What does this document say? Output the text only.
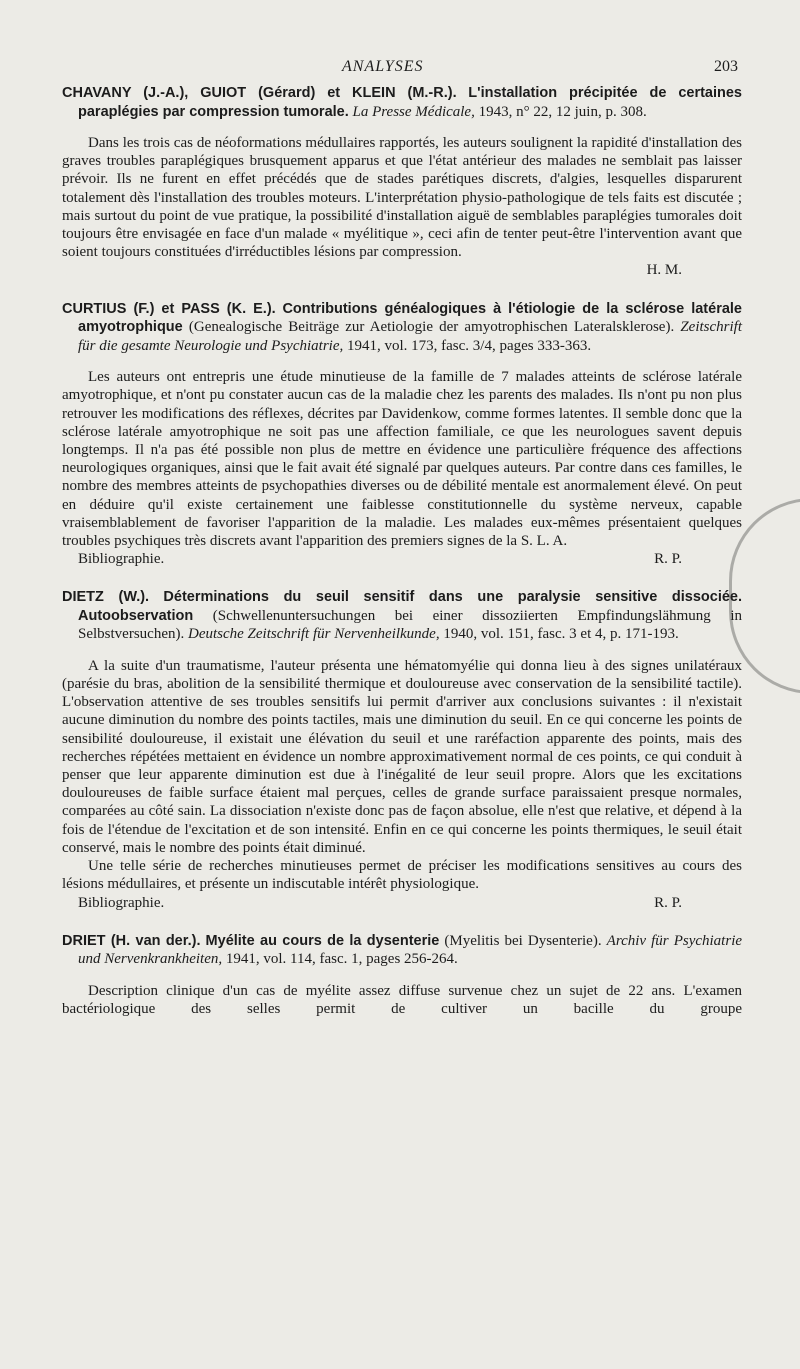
ANALYSES	203
CHAVANY (J.-A.), GUIOT (Gérard) et KLEIN (M.-R.). L'installation précipitée de certaines paraplégies par compression tumorale. La Presse Médicale, 1943, n° 22, 12 juin, p. 308.

Dans les trois cas de néoformations médullaires rapportés, les auteurs soulignent la rapidité d'installation des graves troubles paraplégiques brusquement apparus et que l'état antérieur des malades ne semblait pas laisser prévoir. Ils ne furent en effet précédés que de stades parétiques discrets, d'algies, lesquelles disparurent totalement dès l'installation des troubles moteurs. L'interprétation physio-pathologique de tels faits est discutée ; mais surtout du point de vue pratique, la possibilité d'installation aiguë de semblables paraplégies tumorales doit toujours être envisagée en face d'un malade « myélitique », ceci afin de tenter peut-être l'intervention avant que soient toujours constituées d'irréductibles lésions par compression.

H. M.
CURTIUS (F.) et PASS (K. E.). Contributions généalogiques à l'étiologie de la sclérose latérale amyotrophique (Genealogische Beiträge zur Aetiologie der amyotrophischen Lateralsklerose). Zeitschrift für die gesamte Neurologie und Psychiatrie, 1941, vol. 173, fasc. 3/4, pages 333-363.

Les auteurs ont entrepris une étude minutieuse de la famille de 7 malades atteints de sclérose latérale amyotrophique, et n'ont pu constater aucun cas de la maladie chez les parents des malades. Ils n'ont pu non plus retrouver les modifications des réflexes, décrites par Davidenkow, comme formes latentes. Il semble donc que la sclérose latérale amyotrophique ne soit pas une affection familiale, ce que les neurologues savent depuis longtemps. Il n'a pas été possible non plus de mettre en évidence une particulière fréquence des affections neurologiques organiques, ainsi que le fait avait été signalé par quelques auteurs. Par contre dans ces familles, le nombre des membres atteints de psychopathies diverses ou de débilité mentale est anormalement élevé. On peut en déduire qu'il existe certainement une faiblesse constitutionnelle du système nerveux, capable vraisemblablement de favoriser l'apparition de la maladie. Les malades eux-mêmes présentaient quelques troubles psychiques très discrets avant l'apparition des premiers signes de la S. L. A.

Bibliographie.	R. P.
DIETZ (W.). Déterminations du seuil sensitif dans une paralysie sensitive dissociée. Autoobservation (Schwellenuntersuchungen bei einer dissoziierten Empfindungslähmung in Selbstversuchen). Deutsche Zeitschrift für Nervenheilkunde, 1940, vol. 151, fasc. 3 et 4, p. 171-193.

A la suite d'un traumatisme, l'auteur présenta une hématomyélie qui donna lieu à des signes unilatéraux (parésie du bras, abolition de la sensibilité thermique et douloureuse avec conservation de la sensibilité tactile). L'observation attentive de ses troubles sensitifs lui permit d'arriver aux conclusions suivantes : il n'existait aucune diminution du nombre des points tactiles, mais une diminution du seuil. En ce qui concerne les points de sensibilité douloureuse, il existait une élévation du seuil et une raréfaction apparente des points, mais des recherches répétées mettaient en évidence un nombre approximativement normal de ces points, ce qui conduit à penser que leur apparente diminution est due à l'inégalité de leur seuil propre. Alors que les excitations douloureuses de faible surface étaient mal perçues, celles de grande surface paraissaient presque normales, comparées au côté sain. La dissociation n'existe donc pas de façon absolue, elle n'est que relative, et dépend à la fois de l'étendue de l'excitation et de son intensité. Enfin en ce qui concerne les points thermiques, le seuil était conservé, mais le nombre des points était diminué.

Une telle série de recherches minutieuses permet de préciser les modifications sensitives au cours des lésions médullaires, et présente un indiscutable intérêt physiologique.

Bibliographie.	R. P.
DRIET (H. van der.). Myélite au cours de la dysenterie (Myelitis bei Dysenterie). Archiv für Psychiatrie und Nervenkrankheiten, 1941, vol. 114, fasc. 1, pages 256-264.

Description clinique d'un cas de myélite assez diffuse survenue chez un sujet de 22 ans. L'examen bactériologique des selles permit de cultiver un bacille du groupe
